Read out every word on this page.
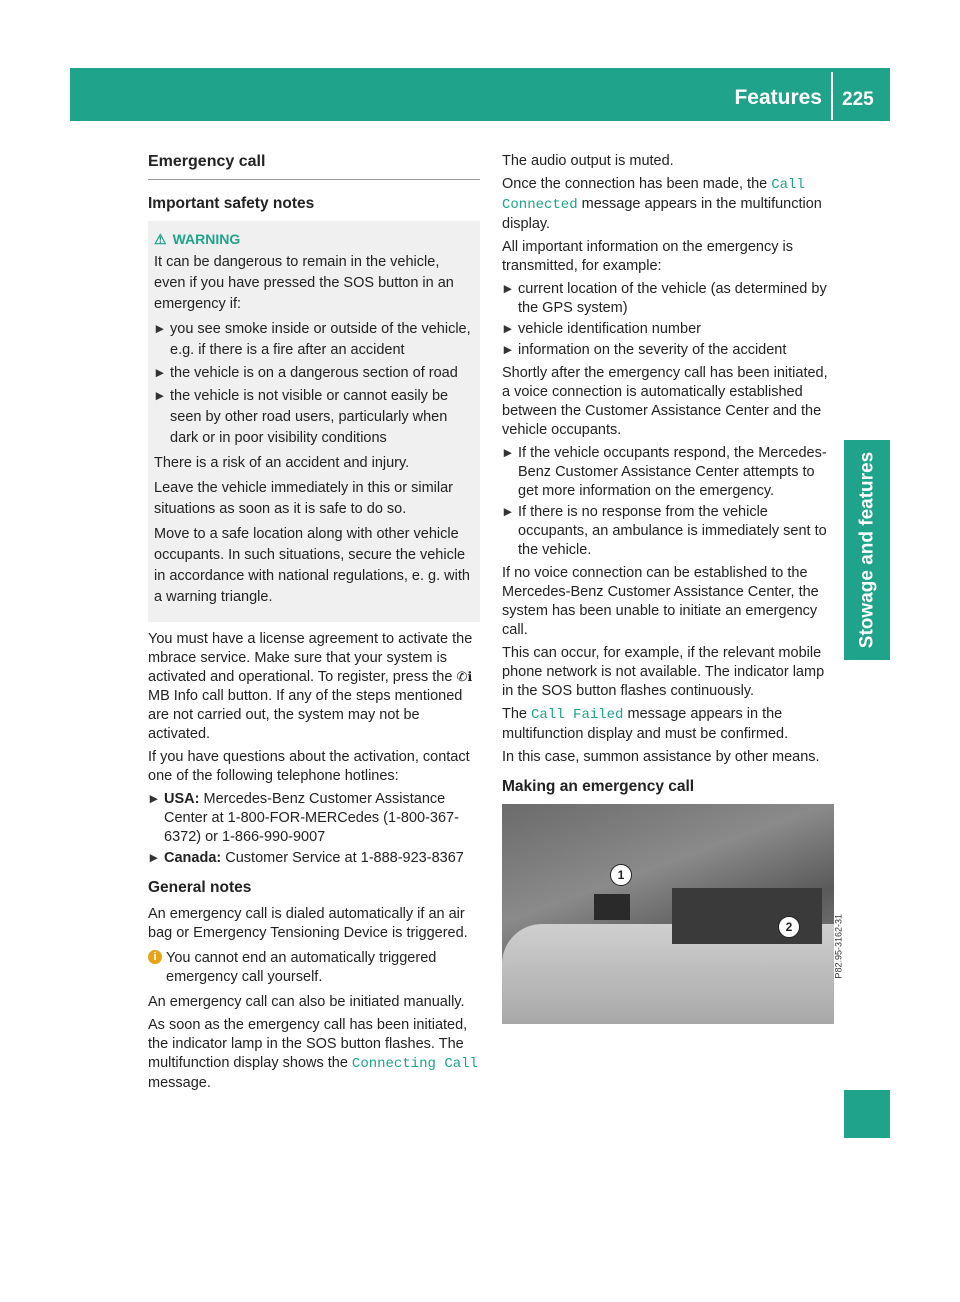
Features 225
Stowage and features
Emergency call
Important safety notes
⚠ WARNING

It can be dangerous to remain in the vehicle, even if you have pressed the SOS button in an emergency if:

▸ you see smoke inside or outside of the vehicle, e.g. if there is a fire after an accident
▸ the vehicle is on a dangerous section of road
▸ the vehicle is not visible or cannot easily be seen by other road users, particularly when dark or in poor visibility conditions

There is a risk of an accident and injury.

Leave the vehicle immediately in this or similar situations as soon as it is safe to do so.

Move to a safe location along with other vehicle occupants. In such situations, secure the vehicle in accordance with national regulations, e. g. with a warning triangle.

You must have a license agreement to activate the mbrace service. Make sure that your system is activated and operational. To register, press the ✆ℹ MB Info call button. If any of the steps mentioned are not carried out, the system may not be activated.

If you have questions about the activation, contact one of the following telephone hotlines:

▸ USA: Mercedes-Benz Customer Assistance Center at 1-800-FOR-MERCedes (1-800-367-6372) or 1-866-990-9007
▸ Canada: Customer Service at 1-888-923-8367
General notes

An emergency call is dialed automatically if an air bag or Emergency Tensioning Device is triggered.

i You cannot end an automatically triggered emergency call yourself.

An emergency call can also be initiated manually.

As soon as the emergency call has been initiated, the indicator lamp in the SOS button flashes. The multifunction display shows the Connecting Call message.

The audio output is muted.

Once the connection has been made, the Call Connected message appears in the multifunction display.

All important information on the emergency is transmitted, for example:

▸ current location of the vehicle (as determined by the GPS system)
▸ vehicle identification number
▸ information on the severity of the accident

Shortly after the emergency call has been initiated, a voice connection is automatically established between the Customer Assistance Center and the vehicle occupants.

▸ If the vehicle occupants respond, the Mercedes-Benz Customer Assistance Center attempts to get more information on the emergency.
▸ If there is no response from the vehicle occupants, an ambulance is immediately sent to the vehicle.

If no voice connection can be established to the Mercedes-Benz Customer Assistance Center, the system has been unable to initiate an emergency call.

This can occur, for example, if the relevant mobile phone network is not available. The indicator lamp in the SOS button flashes continuously.

The Call Failed message appears in the multifunction display and must be confirmed.

In this case, summon assistance by other means.

Making an emergency call
1
2	P82.95-3162-31
